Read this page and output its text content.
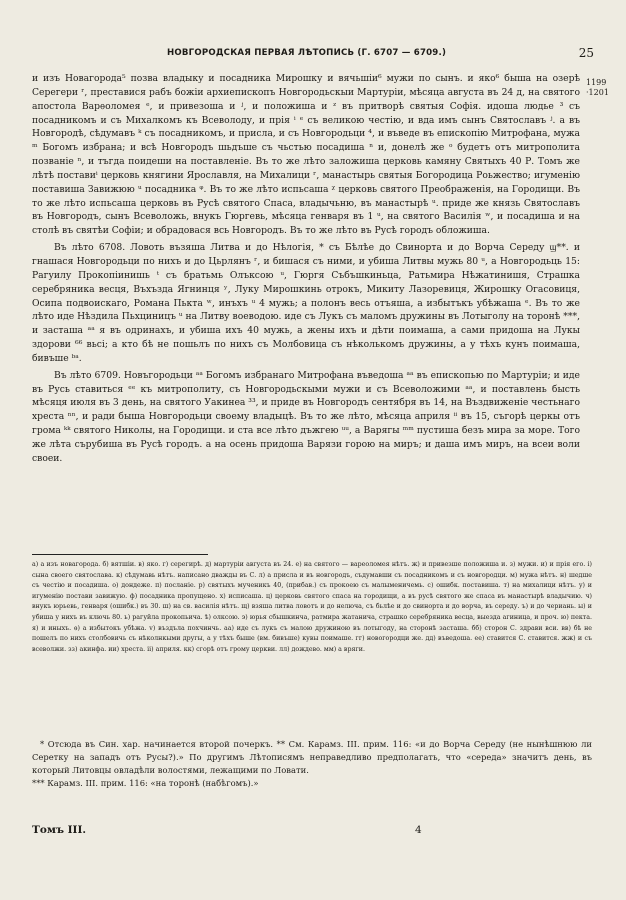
НОВГОРОДСКАЯ ПЕРВАЯ ЛѢТОПИСЬ (Г. 6707 — 6709.)	25
1199
·1201

и изъ Новагорода⁵ позва владыку и посадника Мирошку и вячьшіи⁶ мужи по сынъ. и яко⁶ быша на озерѣ Серегери ʳ, преставися рабъ божiи архиепископъ Новгородьскыи Мартурiи, мѣсяца августа въ 24 д, на святого апостола Варѳоломея ᵉ, и привезоша и ʲ, и положиша и ᶻ въ притворѣ святыя Софія. идоша людье ³ съ посадникомъ и съ Михалкомъ къ Всеволоду, и прiя ⁱ ᵉ съ великою честiю, и вда имъ сынъ Святославъ ʲ. а въ Новгородѣ, сѣдумавъ ᵏ съ посадникомъ, и присла, и съ Новгородьци ⁴, и въведе въ епископiю Митрофана, мужа ᵐ Богомъ избрана; и всѣ Новгородъ шьдъше съ чьстью посадиша ⁿ и, донелѣ же ᵒ будетъ отъ митрополита позванiе ⁿ, и тъгда поидеши на поставленiе. Въ то же лѣто заложиша церковь камяну Святыхъ 40 Р. Томъ же лѣтѣ поставиⁱ церковь княгини Ярославля, на Михалици ʳ, манастырь святыя Богородица Роьжество; игуменiю поставиша Завижюю ᵘ посадника ᵠ. Въ то же лѣто испьсаша ᵡ церковь святого Преображенiя, на Городищи. Въ то же лѣто испьсаша церковь въ Русѣ святого Спаса, владычьню, въ манастырѣ ᵘ. приде же князь Святославъ въ Новгородъ, сынъ Всеволожь, внукъ Гюргевь, мѣсяца генваря въ 1 ᵘ, на святого Василiя ʷ, и посадиша и на столѣ въ святѣи Софiи; и обрадовася всь Новгородъ. Въ то же лѣто въ Русѣ городъ обложиша.

Въ лѣто 6708. Ловоть възяша Литва и до Нѣлогія, * съ Бѣлѣе до Свинорта и до Ворча Середу ϣ**. и гнашася Новгородьци по нихъ и до Цьрлянъ ʳ, и бишася съ ними, и убиша Литвы мужь 80 ᵘ, а Новгородьць 15: Рагуилу Прокопiинишь ᵗ съ братьмь Олъксою ᵘ, Гюргя Събъшкиньца, Ратьмира Нѣжатинишя, Страшка серебряника весця, Въхъзда Ягнинця ʸ, Луку Мирошкинь отрокъ, Микиту Лазоревиця, Жирошку Огасовиця, Осипа подвоискаго, Романа Пькта ʷ, инъхъ ᵘ 4 мужь; а полонъ весь отъяша, а избытъкъ убѣжаша ᵉ. Въ то же лѣто иде Нѣздила Пьхциницъ ᵘ на Литву воеводою. иде съ Лукъ съ маломъ дружины въ Лотыголу на торонѣ ***, и засташа ᵃᵃ я въ одринахъ, и убиша ихъ 40 мужь, а жены ихъ и дѣти поимаша, а сами придоша на Лукы здорови ⁶⁶ вьсі; а кто бѣ не пошьлъ по нихъ съ Молбовица съ нѣколькомъ дружины, а у тѣхъ кунъ поимаша, бивъше ᵇᵃ.

Въ лѣто 6709. Новъгородьци ᵃᵃ Богомъ избранаго Митрофана въведоша ᵃᵃ въ епископью по Мартурiи; и иде въ Русь ставиться ᵉᵉ къ митрополиту, съ Новгородьскыми мужи и съ Всеволожими ᵃᵃ, и поставлень бысть мѣсяця июля въ 3 день, на святого Уакинеа ³³, и приде въ Новгородъ сентября въ 14, на Въздвиженiе честьнаго хреста ⁿⁿ, и ради быша Новгородьци своему владыцѣ. Въ то же лѣто, мѣсяца априля ⁱⁱ въ 15, съгорѣ церкы отъ грома ᵏᵏ святого Николы, на Городищи. и ста все лѣто дъжгею ᵘᵘ, а Варягы ᵐᵐ пустиша безъ мира за море. Того же лѣта сърубиша въ Русѣ городъ. а на осень придоша Варязи горою на миръ; и даша имъ миръ, на всеи воли своеи.

а) а изъ новагорода. б) вятшіи. в) яко. г) серегирѣ. д) мартурiи августа въ 24. е) на святого — вареоломея нѣтъ. ж) и привезше положиша и. з) мужи. и) и прія его. i) сына своего святослава. к) сѣдумавь нѣтъ. написано дважды въ С. л) а присла и въ новгородъ, съдумавши съ посадникомъ и съ новгородци. м) мужа нѣтъ. н) шедше съ честію и посадиша. о) дондеже. п) посланiе. р) святыхъ мученикъ 40, (прибав.) съ прокоею съ малыменичемь. с) ошибк. поставиша. т) на михалици нѣтъ. у) и игуменiю постави завижую. ф) посадника пропущено. х) исписаша. ц) церковь святого спаса на городищи, а въ русѣ святого же спаса въ манастырѣ владычию. ч) внукъ юрьевь, генваря (ошибк.) въ 30. ш) на св. василiя нѣтъ. щ) взяша литва ловотъ и до нелюча, съ бьлѣе и до свинорта и до ворча, въ середу. ъ) и до чериань. ы) и убиша у нихъ въ ключь 80. ь) рагуйла прокопьича. ѣ) олксою. э) юрья сбышкинча, ратмира жатанича, страшко серебряника весца, выезда агиница, и проч. ю) пекта. я) и иныхъ. ѳ) а избытокъ убѣжа. v) въздъла похчинчь. аа) иде съ лукъ съ малою дружиною въ лотыгоду, на сторонѣ засташа. бб) сторон С. здрави вси. вв) бѣ не пошелъ по нихъ столбовичь съ нѣколнкыми другы, а у тѣхъ быше (вм. бивъше) кувы поимаше. гг) новогородци же. дд) въведоша. ее) ставится С. ставится. жж) и съ всеволжи. зз) акинфа. ии) хреста. ii) априля. кк) сгорѣ отъ грому церкви. лл) дождево. мм) а вряги.

* Отсюда въ Син. хар. начинается второй почеркъ. ** См. Карамз. III. прим. 116: «и до Ворча Середу (не нынѣшнюю ли Серетку на западъ отъ Русы?).» По другимъ Лѣтописямъ неправедливо предполагать, что «середа» значитъ день, въ который Литовцы овладѣли волостями, лежащими по Ловати.

*** Карамз. III. прим. 116: «на торонѣ (набѣгомъ).»

Томъ III.	4
